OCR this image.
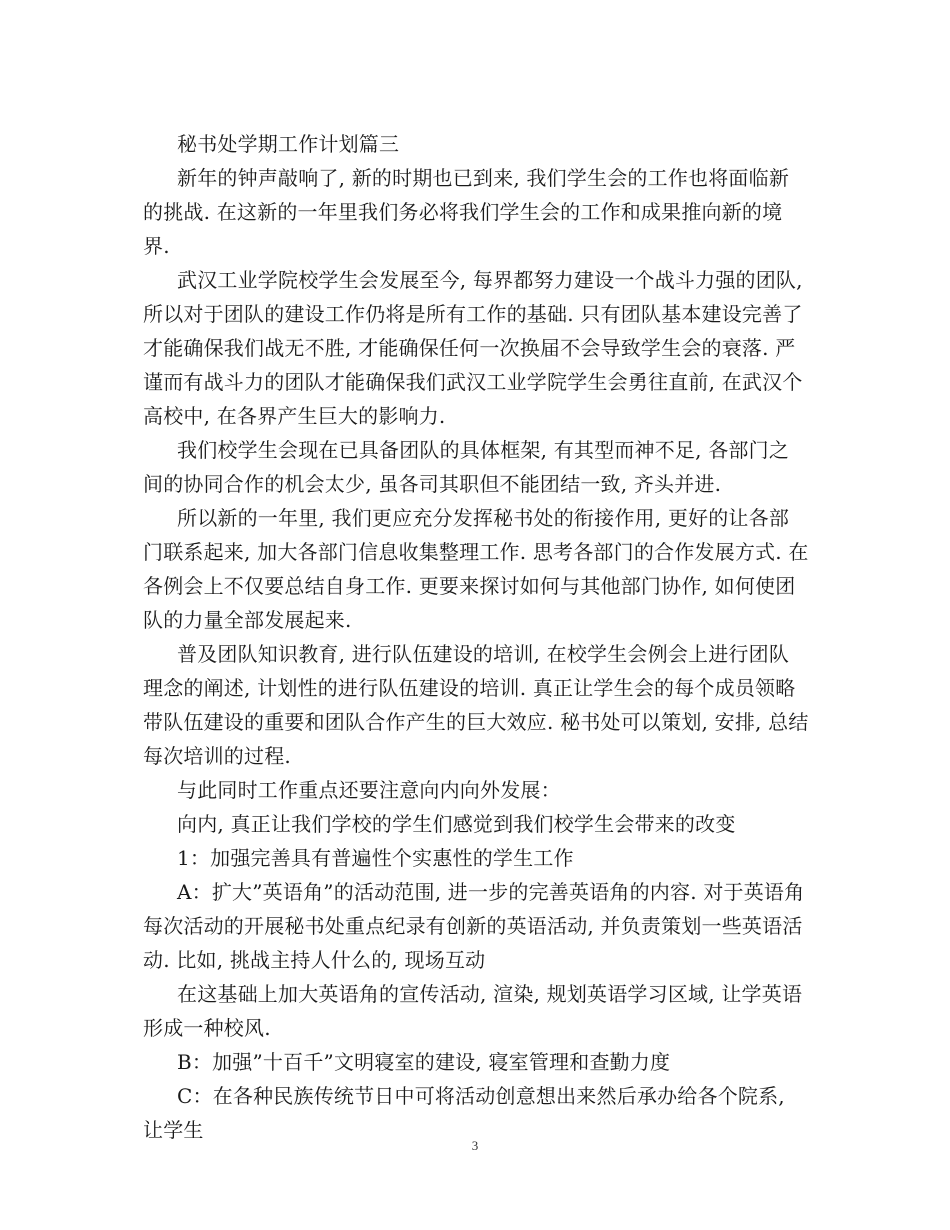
秘书处学期工作计划篇三

新年的钟声敲响了, 新的时期也已到来, 我们学生会的工作也将面临新的挑战. 在这新的一年里我们务必将我们学生会的工作和成果推向新的境界.

武汉工业学院校学生会发展至今, 每界都努力建设一个战斗力强的团队, 所以对于团队的建设工作仍将是所有工作的基础. 只有团队基本建设完善了才能确保我们战无不胜, 才能确保任何一次换届不会导致学生会的衰落. 严谨而有战斗力的团队才能确保我们武汉工业学院学生会勇往直前, 在武汉个高校中, 在各界产生巨大的影响力.

我们校学生会现在已具备团队的具体框架, 有其型而神不足, 各部门之间的协同合作的机会太少, 虽各司其职但不能团结一致, 齐头并进.

所以新的一年里, 我们更应充分发挥秘书处的衔接作用, 更好的让各部门联系起来, 加大各部门信息收集整理工作. 思考各部门的合作发展方式. 在各例会上不仅要总结自身工作. 更要来探讨如何与其他部门协作, 如何使团队的力量全部发展起来.

普及团队知识教育, 进行队伍建设的培训, 在校学生会例会上进行团队理念的阐述, 计划性的进行队伍建设的培训. 真正让学生会的每个成员领略带队伍建设的重要和团队合作产生的巨大效应. 秘书处可以策划, 安排, 总结每次培训的过程.

与此同时工作重点还要注意向内向外发展：

向内, 真正让我们学校的学生们感觉到我们校学生会带来的改变

1：加强完善具有普遍性个实惠性的学生工作

A：扩大”英语角”的活动范围, 进一步的完善英语角的内容. 对于英语角每次活动的开展秘书处重点纪录有创新的英语活动, 并负责策划一些英语活动. 比如, 挑战主持人什么的, 现场互动

在这基础上加大英语角的宣传活动, 渲染, 规划英语学习区域, 让学英语形成一种校风.

B：加强”十百千”文明寝室的建设, 寝室管理和查勤力度

C：在各种民族传统节日中可将活动创意想出来然后承办给各个院系, 让学生

3
